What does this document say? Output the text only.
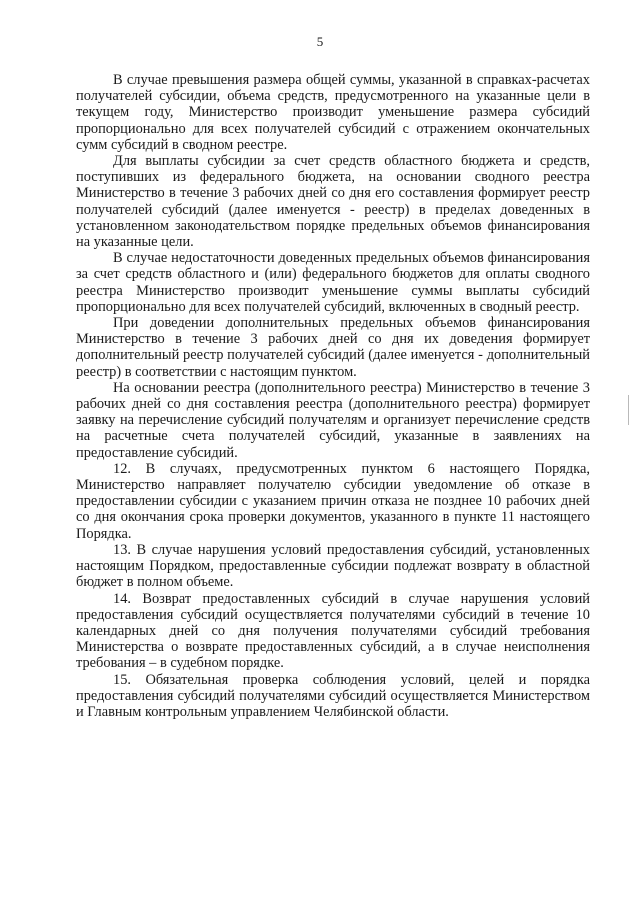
5

В случае превышения размера общей суммы, указанной в справках-расчетах получателей субсидии, объема средств, предусмотренного на указанные цели в текущем году, Министерство производит уменьшение размера субсидий пропорционально для всех получателей субсидий с отражением окончательных сумм субсидий в сводном реестре.

Для выплаты субсидии за счет средств областного бюджета и средств, поступивших из федерального бюджета, на основании сводного реестра Министерство в течение 3 рабочих дней со дня его составления формирует реестр получателей субсидий (далее именуется - реестр) в пределах доведенных в установленном законодательством порядке предельных объемов финансирования на указанные цели.

В случае недостаточности доведенных предельных объемов финансирования за счет средств областного и (или) федерального бюджетов для оплаты сводного реестра Министерство производит уменьшение суммы выплаты субсидий пропорционально для всех получателей субсидий, включенных в сводный реестр.

При доведении дополнительных предельных объемов финансирования Министерство в течение 3 рабочих дней со дня их доведения формирует дополнительный реестр получателей субсидий (далее именуется - дополнительный реестр) в соответствии с настоящим пунктом.

На основании реестра (дополнительного реестра) Министерство в течение 3 рабочих дней со дня составления реестра (дополнительного реестра) формирует заявку на перечисление субсидий получателям и организует перечисление средств на расчетные счета получателей субсидий, указанные в заявлениях на предоставление субсидий.

12. В случаях, предусмотренных пунктом 6 настоящего Порядка, Министерство направляет получателю субсидии уведомление об отказе в предоставлении субсидии с указанием причин отказа не позднее 10 рабочих дней со дня окончания срока проверки документов, указанного в пункте 11 настоящего Порядка.

13. В случае нарушения условий предоставления субсидий, установленных настоящим Порядком, предоставленные субсидии подлежат возврату в областной бюджет в полном объеме.

14. Возврат предоставленных субсидий в случае нарушения условий предоставления субсидий осуществляется получателями субсидий в течение 10 календарных дней со дня получения получателями субсидий требования Министерства о возврате предоставленных субсидий, а в случае неисполнения требования – в судебном порядке.

15. Обязательная проверка соблюдения условий, целей и порядка предоставления субсидий получателями субсидий осуществляется Министерством и Главным контрольным управлением Челябинской области.
